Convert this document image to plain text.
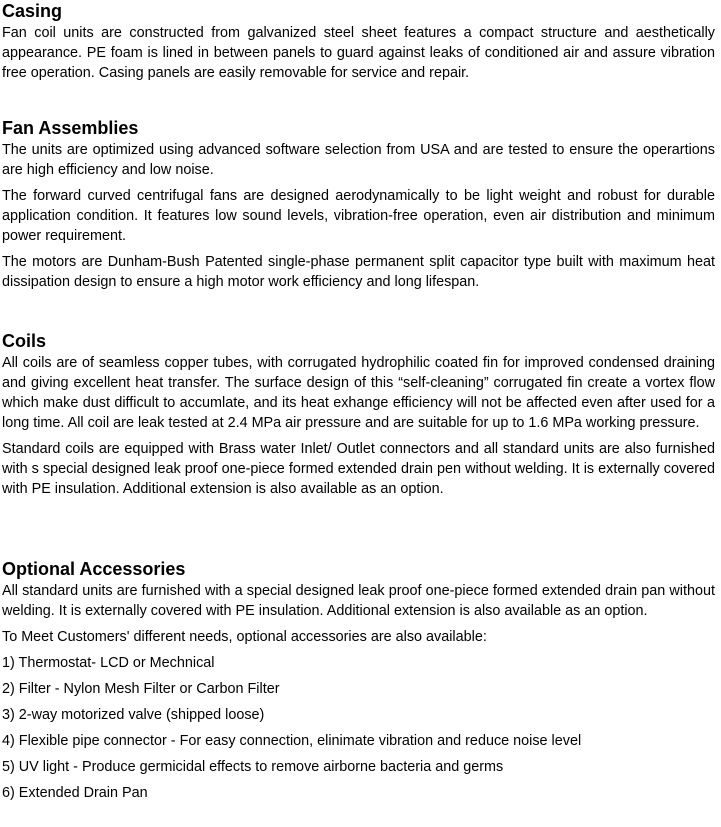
Casing

Fan coil units are constructed from galvanized steel sheet features a compact structure and aesthetically appearance. PE foam is lined in between panels to guard against leaks of conditioned air and assure vibration free operation. Casing panels are easily removable for service and repair.

Fan Assemblies

The units are optimized using advanced software selection from USA and are tested to ensure the operartions are high efficiency and low noise.

The forward curved centrifugal fans are designed aerodynamically to be light weight and robust for durable application condition. It features low sound levels, vibration-free operation, even air distribution and minimum power requirement.

The motors are Dunham-Bush Patented single-phase permanent split capacitor type built with maximum heat dissipation design to ensure a high motor work efficiency and long lifespan.

Coils

All coils are of seamless copper tubes, with corrugated hydrophilic coated fin for improved condensed draining and giving excellent heat transfer. The surface design of this “self-cleaning” corrugated fin create a vortex flow which make dust difficult to accumlate, and its heat exhange efficiency will not be affected even after used for a long time. All coil are leak tested at 2.4 MPa air pressure and are suitable for up to 1.6 MPa working pressure.

Standard coils are equipped with Brass water Inlet/ Outlet connectors and all standard units are also furnished with s special designed leak proof one-piece formed extended drain pen without welding. It is externally covered with PE insulation. Additional extension is also available as an option.

Optional Accessories

All standard units are furnished with a special designed leak proof one-piece formed extended drain pan without welding. It is externally covered with PE insulation. Additional extension is also available as an option.

To Meet Customers' different needs, optional accessories are also available:

1) Thermostat- LCD or Mechnical
2) Filter - Nylon Mesh Filter or Carbon Filter
3) 2-way motorized valve (shipped loose)
4) Flexible pipe connector - For easy connection, elinimate vibration and reduce noise level
5) UV light - Produce germicidal effects to remove airborne bacteria and germs
6) Extended Drain Pan
